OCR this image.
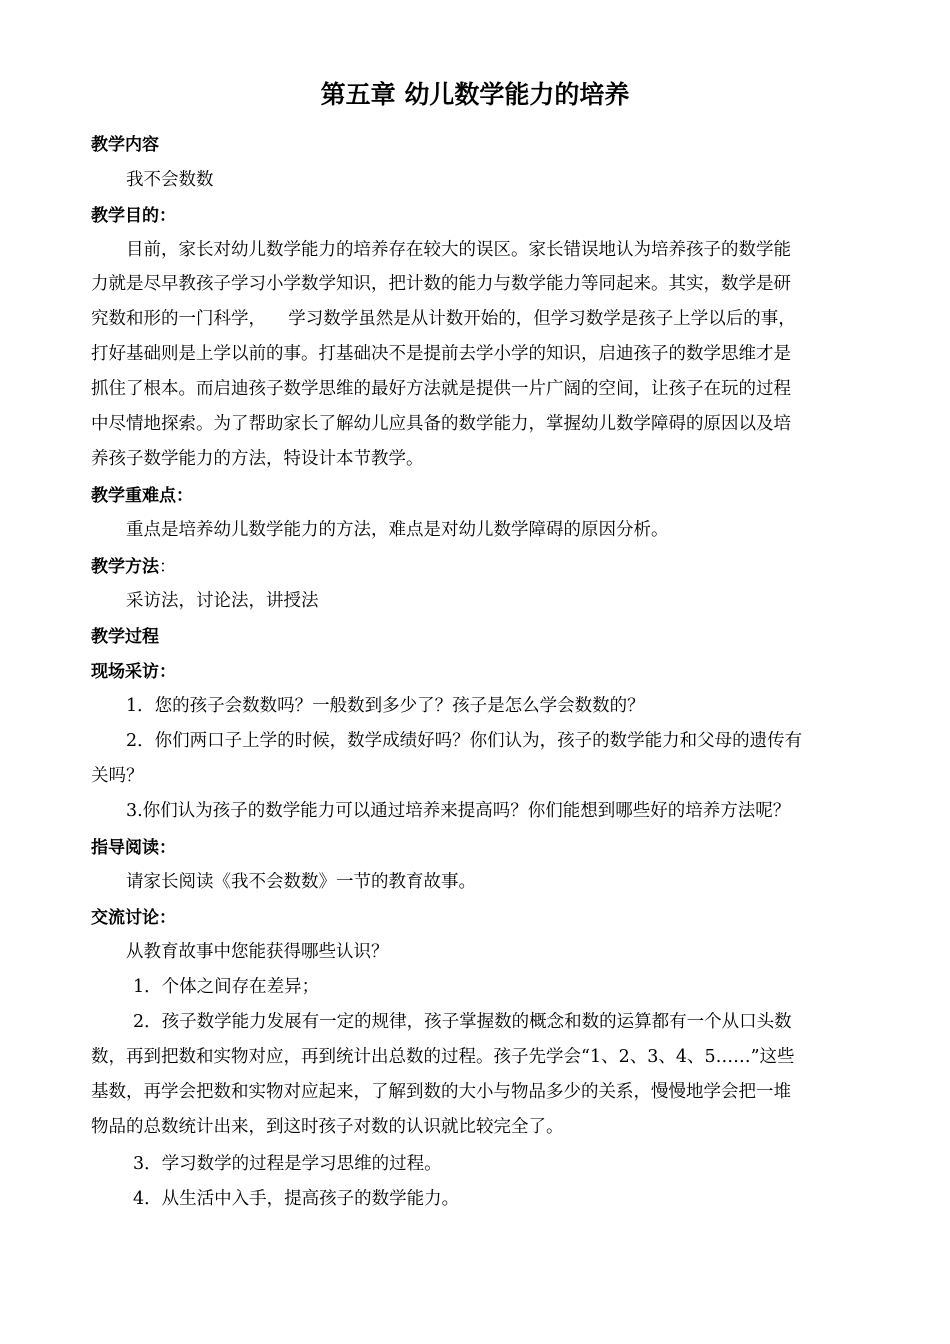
第五章 幼儿数学能力的培养
教学内容
我不会数数
教学目的：
目前，家长对幼儿数学能力的培养存在较大的误区。家长错误地认为培养孩子的数学能
力就是尽早教孩子学习小学数学知识，把计数的能力与数学能力等同起来。其实，数学是研
究数和形的一门科学，    学习数学虽然是从计数开始的，但学习数学是孩子上学以后的事，
打好基础则是上学以前的事。打基础决不是提前去学小学的知识，启迪孩子的数学思维才是
抓住了根本。而启迪孩子数学思维的最好方法就是提供一片广阔的空间，让孩子在玩的过程
中尽情地探索。为了帮助家长了解幼儿应具备的数学能力，掌握幼儿数学障碍的原因以及培
养孩子数学能力的方法，特设计本节教学。
教学重难点：
重点是培养幼儿数学能力的方法，难点是对幼儿数学障碍的原因分析。
教学方法：
采访法，讨论法，讲授法
教学过程
现场采访：
1．您的孩子会数数吗？一般数到多少了？孩子是怎么学会数数的？
2．你们两口子上学的时候，数学成绩好吗？你们认为，孩子的数学能力和父母的遗传有
关吗？
3.你们认为孩子的数学能力可以通过培养来提高吗？你们能想到哪些好的培养方法呢？
指导阅读：
请家长阅读《我不会数数》一节的教育故事。
交流讨论：
从教育故事中您能获得哪些认识？
1．个体之间存在差异；
2．孩子数学能力发展有一定的规律，孩子掌握数的概念和数的运算都有一个从口头数
数，再到把数和实物对应，再到统计出总数的过程。孩子先学会“1、2、3、4、5……”这些
基数，再学会把数和实物对应起来，了解到数的大小与物品多少的关系，慢慢地学会把一堆
物品的总数统计出来，到这时孩子对数的认识就比较完全了。
3．学习数学的过程是学习思维的过程。
4．从生活中入手，提高孩子的数学能力。
